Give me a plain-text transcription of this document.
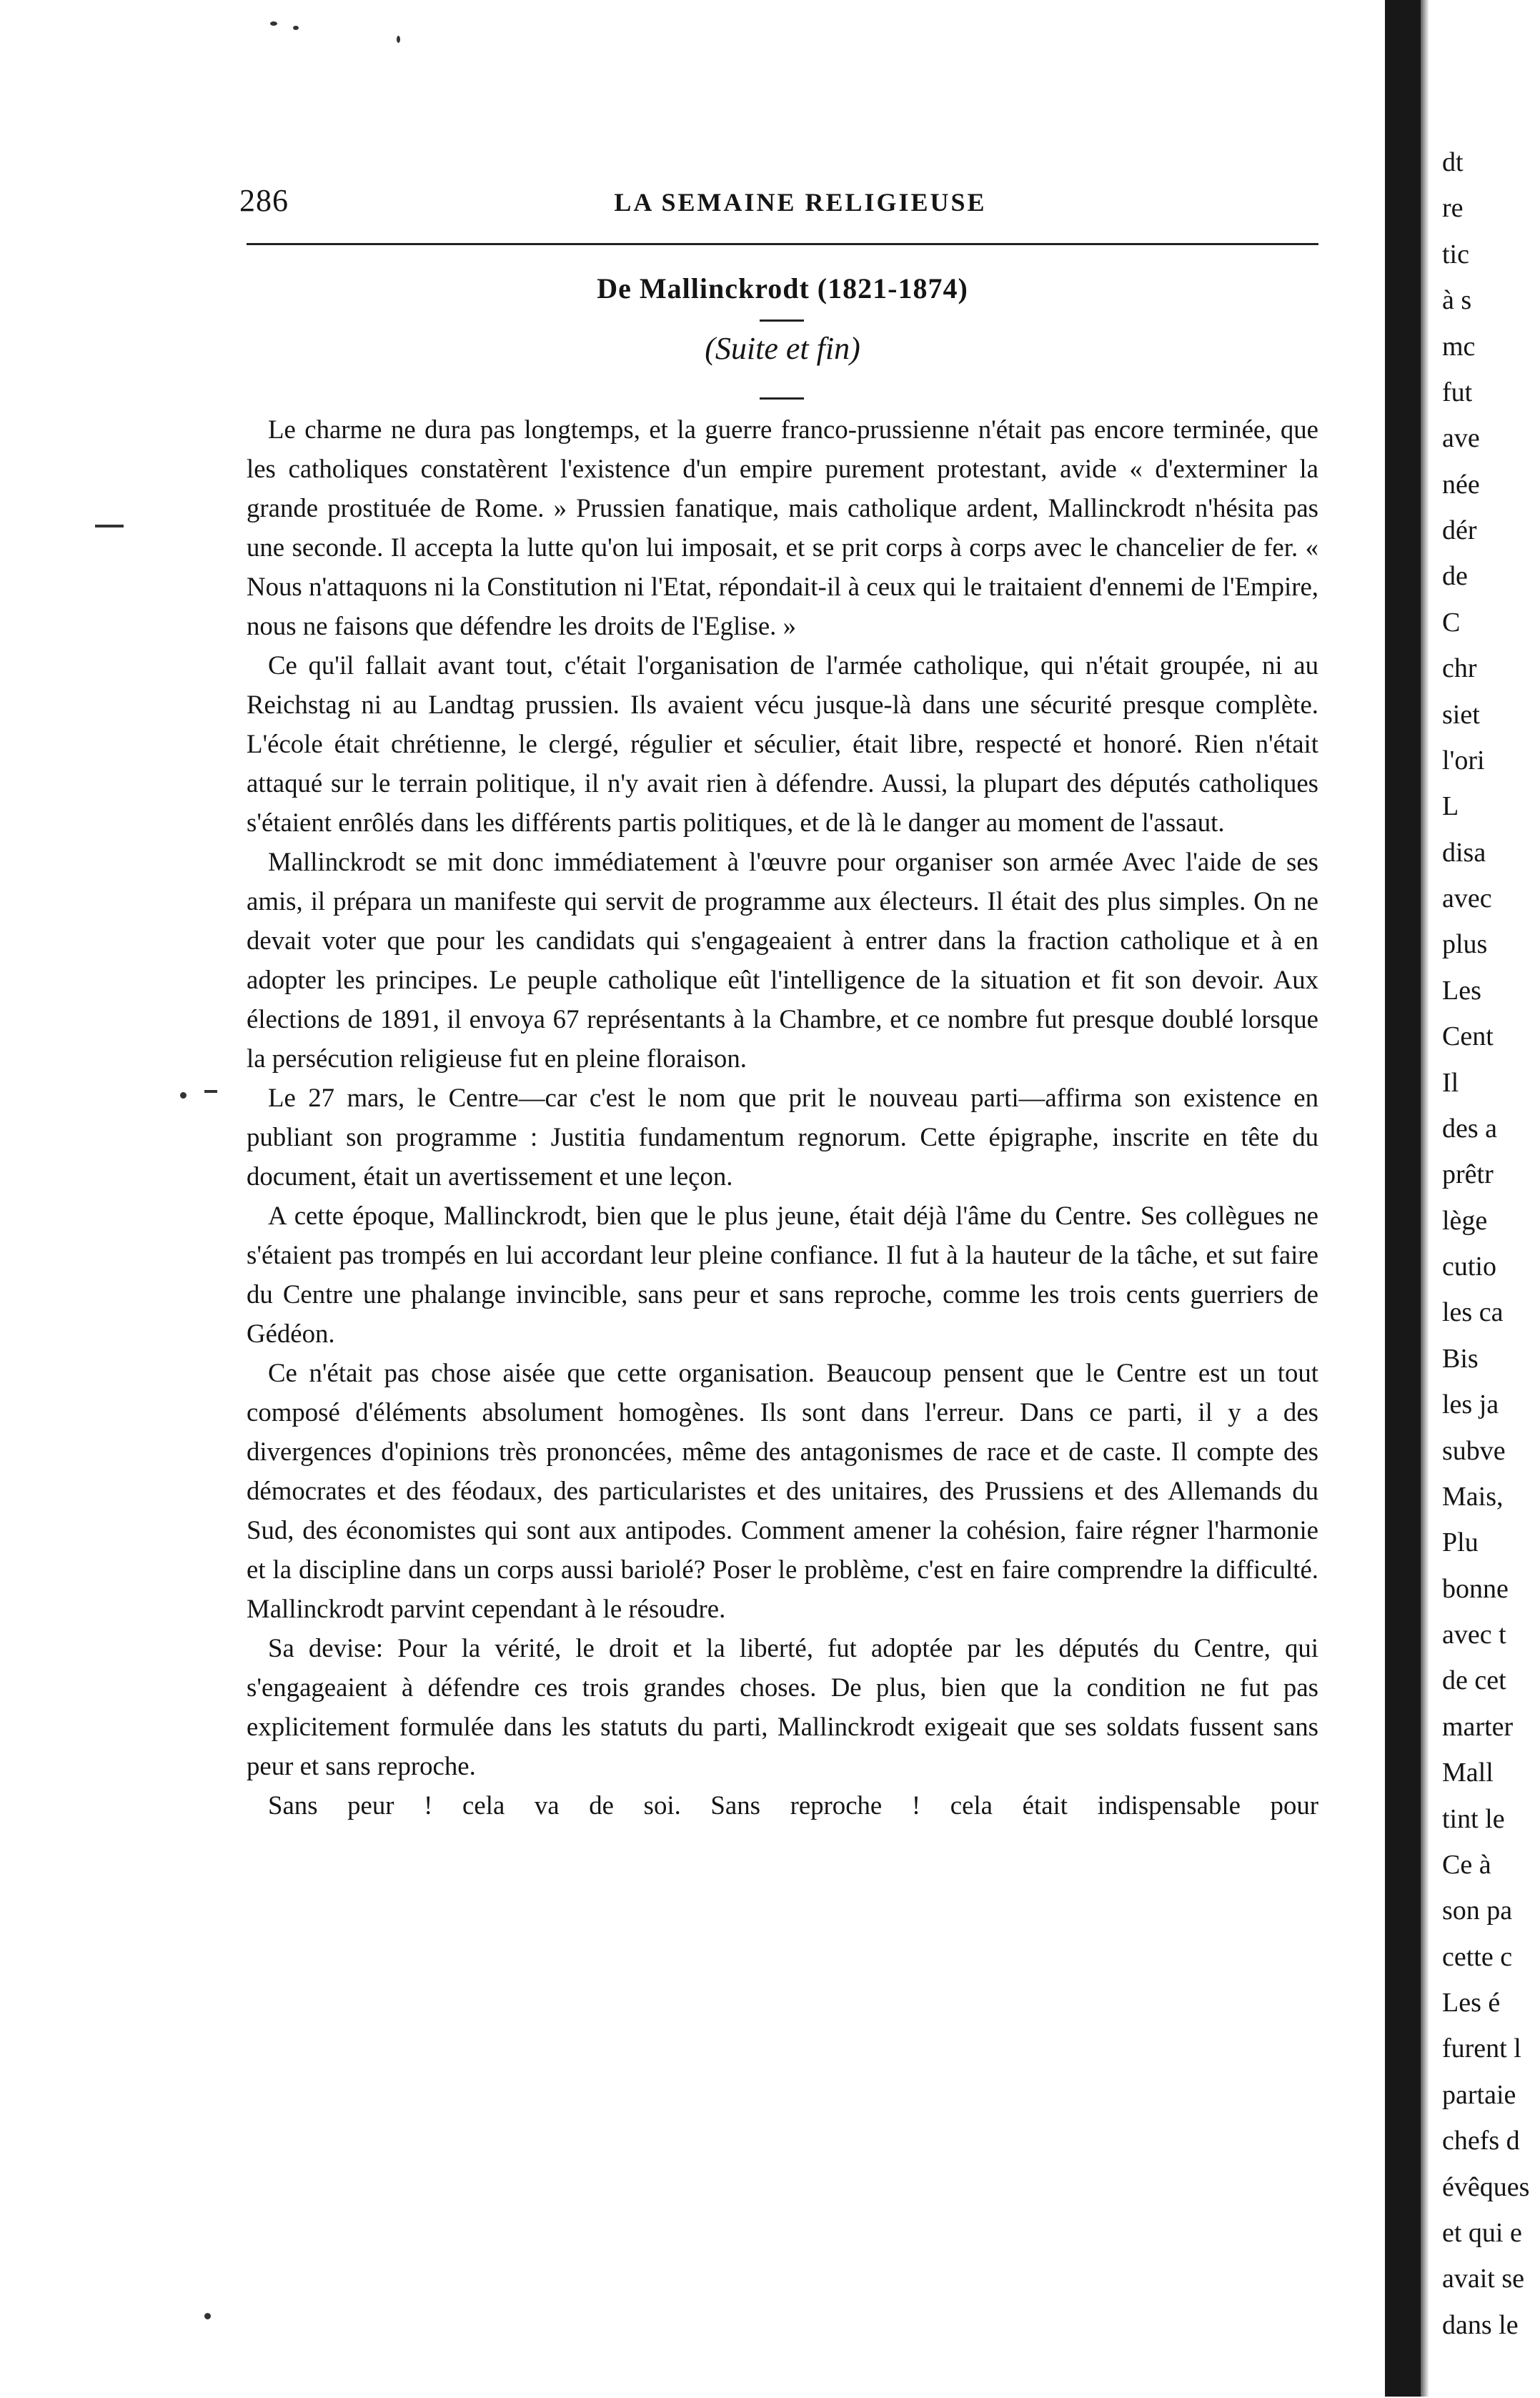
286	LA SEMAINE RELIGIEUSE
De Mallinckrodt (1821-1874)
(Suite et fin)

Le charme ne dura pas longtemps, et la guerre franco-prussienne n'était pas encore terminée, que les catholiques constatèrent l'existence d'un empire purement protestant, avide « d'exterminer la grande prostituée de Rome. » Prussien fanatique, mais catholique ardent, Mallinckrodt n'hésita pas une seconde. Il accepta la lutte qu'on lui imposait, et se prit corps à corps avec le chancelier de fer. « Nous n'attaquons ni la Constitution ni l'Etat, répondait-il à ceux qui le traitaient d'ennemi de l'Empire, nous ne faisons que défendre les droits de l'Eglise. »

Ce qu'il fallait avant tout, c'était l'organisation de l'armée catholique, qui n'était groupée, ni au Reichstag ni au Landtag prussien. Ils avaient vécu jusque-là dans une sécurité presque complète. L'école était chrétienne, le clergé, régulier et séculier, était libre, respecté et honoré. Rien n'était attaqué sur le terrain politique, il n'y avait rien à défendre. Aussi, la plupart des députés catholiques s'étaient enrôlés dans les différents partis politiques, et de là le danger au moment de l'assaut.

Mallinckrodt se mit donc immédiatement à l'œuvre pour organiser son armée Avec l'aide de ses amis, il prépara un manifeste qui servit de programme aux électeurs. Il était des plus simples. On ne devait voter que pour les candidats qui s'engageaient à entrer dans la fraction catholique et à en adopter les principes. Le peuple catholique eût l'intelligence de la situation et fit son devoir. Aux élections de 1891, il envoya 67 représentants à la Chambre, et ce nombre fut presque doublé lorsque la persécution religieuse fut en pleine floraison.

Le 27 mars, le Centre—car c'est le nom que prit le nouveau parti—affirma son existence en publiant son programme : Justitia fundamentum regnorum. Cette épigraphe, inscrite en tête du document, était un avertissement et une leçon.

A cette époque, Mallinckrodt, bien que le plus jeune, était déjà l'âme du Centre. Ses collègues ne s'étaient pas trompés en lui accordant leur pleine confiance. Il fut à la hauteur de la tâche, et sut faire du Centre une phalange invincible, sans peur et sans reproche, comme les trois cents guerriers de Gédéon.

Ce n'était pas chose aisée que cette organisation. Beaucoup pensent que le Centre est un tout composé d'éléments absolument homogènes. Ils sont dans l'erreur. Dans ce parti, il y a des divergences d'opinions très prononcées, même des antagonismes de race et de caste. Il compte des démocrates et des féodaux, des particularistes et des unitaires, des Prussiens et des Allemands du Sud, des économistes qui sont aux antipodes. Comment amener la cohésion, faire régner l'harmonie et la discipline dans un corps aussi bariolé? Poser le problème, c'est en faire comprendre la difficulté. Mallinckrodt parvint cependant à le résoudre.

Sa devise: Pour la vérité, le droit et la liberté, fut adoptée par les députés du Centre, qui s'engageaient à défendre ces trois grandes choses. De plus, bien que la condition ne fut pas explicitement formulée dans les statuts du parti, Mallinckrodt exigeait que ses soldats fussent sans peur et sans reproche.

Sans peur ! cela va de soi. Sans reproche ! cela était indispensable pour

dt
re
tic
à s
mc
fut
ave
née
dér
de
C
chr
siet
l'ori
L
disa
avec
plus
Les
Cent
Il
des a
prêtr
lège
cutio
les ca
Bis
les ja
subve
Mais,
Plu
bonne
avec t
de cet
marter
Mall
tint le
Ce à
son pa
cette c
Les é
furent l
partaie
chefs d
évêques
et qui e
avait se
dans le
